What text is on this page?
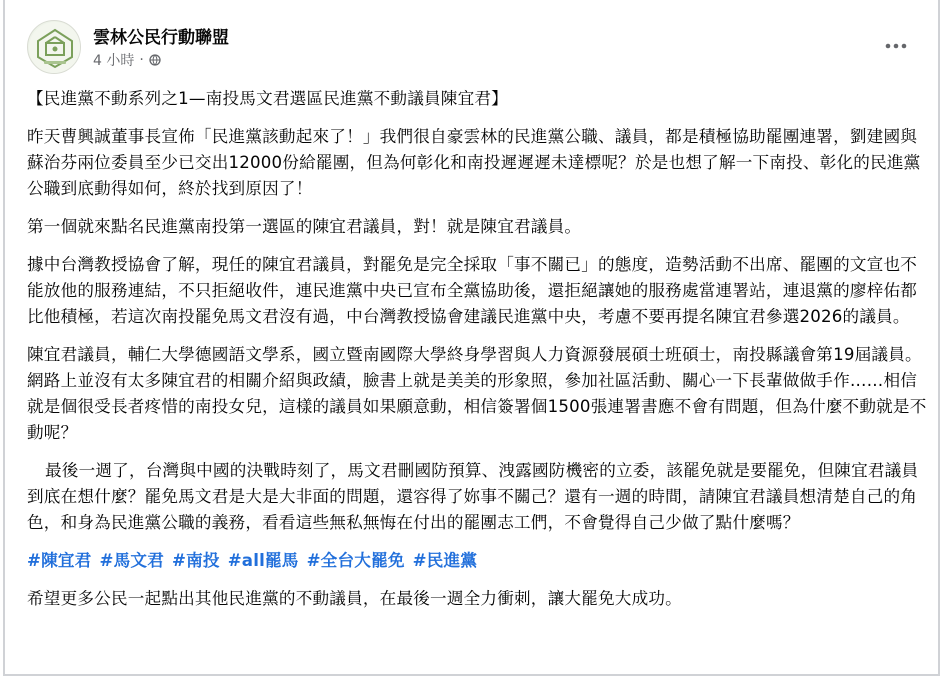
雲林公民行動聯盟
4 小時 ·

【民進黨不動系列之1—南投馬文君選區民進黨不動議員陳宜君】

昨天曹興誠董事長宣佈「民進黨該動起來了！」我們很自豪雲林的民進黨公職、議員，都是積極協助罷團連署，劉建國與蘇治芬兩位委員至少已交出12000份給罷團，但為何彰化和南投遲遲遲未達標呢？於是也想了解一下南投、彰化的民進黨公職到底動得如何，終於找到原因了！

第一個就來點名民進黨南投第一選區的陳宜君議員，對！就是陳宜君議員。

據中台灣教授協會了解，現任的陳宜君議員，對罷免是完全採取「事不關已」的態度，造勢活動不出席、罷團的文宣也不能放他的服務連結，不只拒絕收件，連民進黨中央已宣布全黨協助後，還拒絕讓她的服務處當連署站，連退黨的廖梓佑都比他積極，若這次南投罷免馬文君沒有過，中台灣教授協會建議民進黨中央，考慮不要再提名陳宜君參選2026的議員。

陳宜君議員，輔仁大學德國語文學系，國立暨南國際大學終身學習與人力資源發展碩士班碩士，南投縣議會第19屆議員。網路上並沒有太多陳宜君的相關介紹與政績，臉書上就是美美的形象照，參加社區活動、關心一下長輩做做手作……相信就是個很受長者疼惜的南投女兒，這樣的議員如果願意動，相信簽署個1500張連署書應不會有問題，但為什麼不動就是不動呢？

最後一週了，台灣與中國的決戰時刻了，馬文君刪國防預算、洩露國防機密的立委，該罷免就是要罷免，但陳宜君議員到底在想什麼？罷免馬文君是大是大非面的問題，還容得了妳事不關己？還有一週的時間，請陳宜君議員想清楚自己的角色，和身為民進黨公職的義務，看看這些無私無悔在付出的罷團志工們，不會覺得自己少做了點什麼嗎？

#陳宜君 #馬文君 #南投 #all罷馬 #全台大罷免 #民進黨

希望更多公民一起點出其他民進黨的不動議員，在最後一週全力衝刺，讓大罷免大成功。
